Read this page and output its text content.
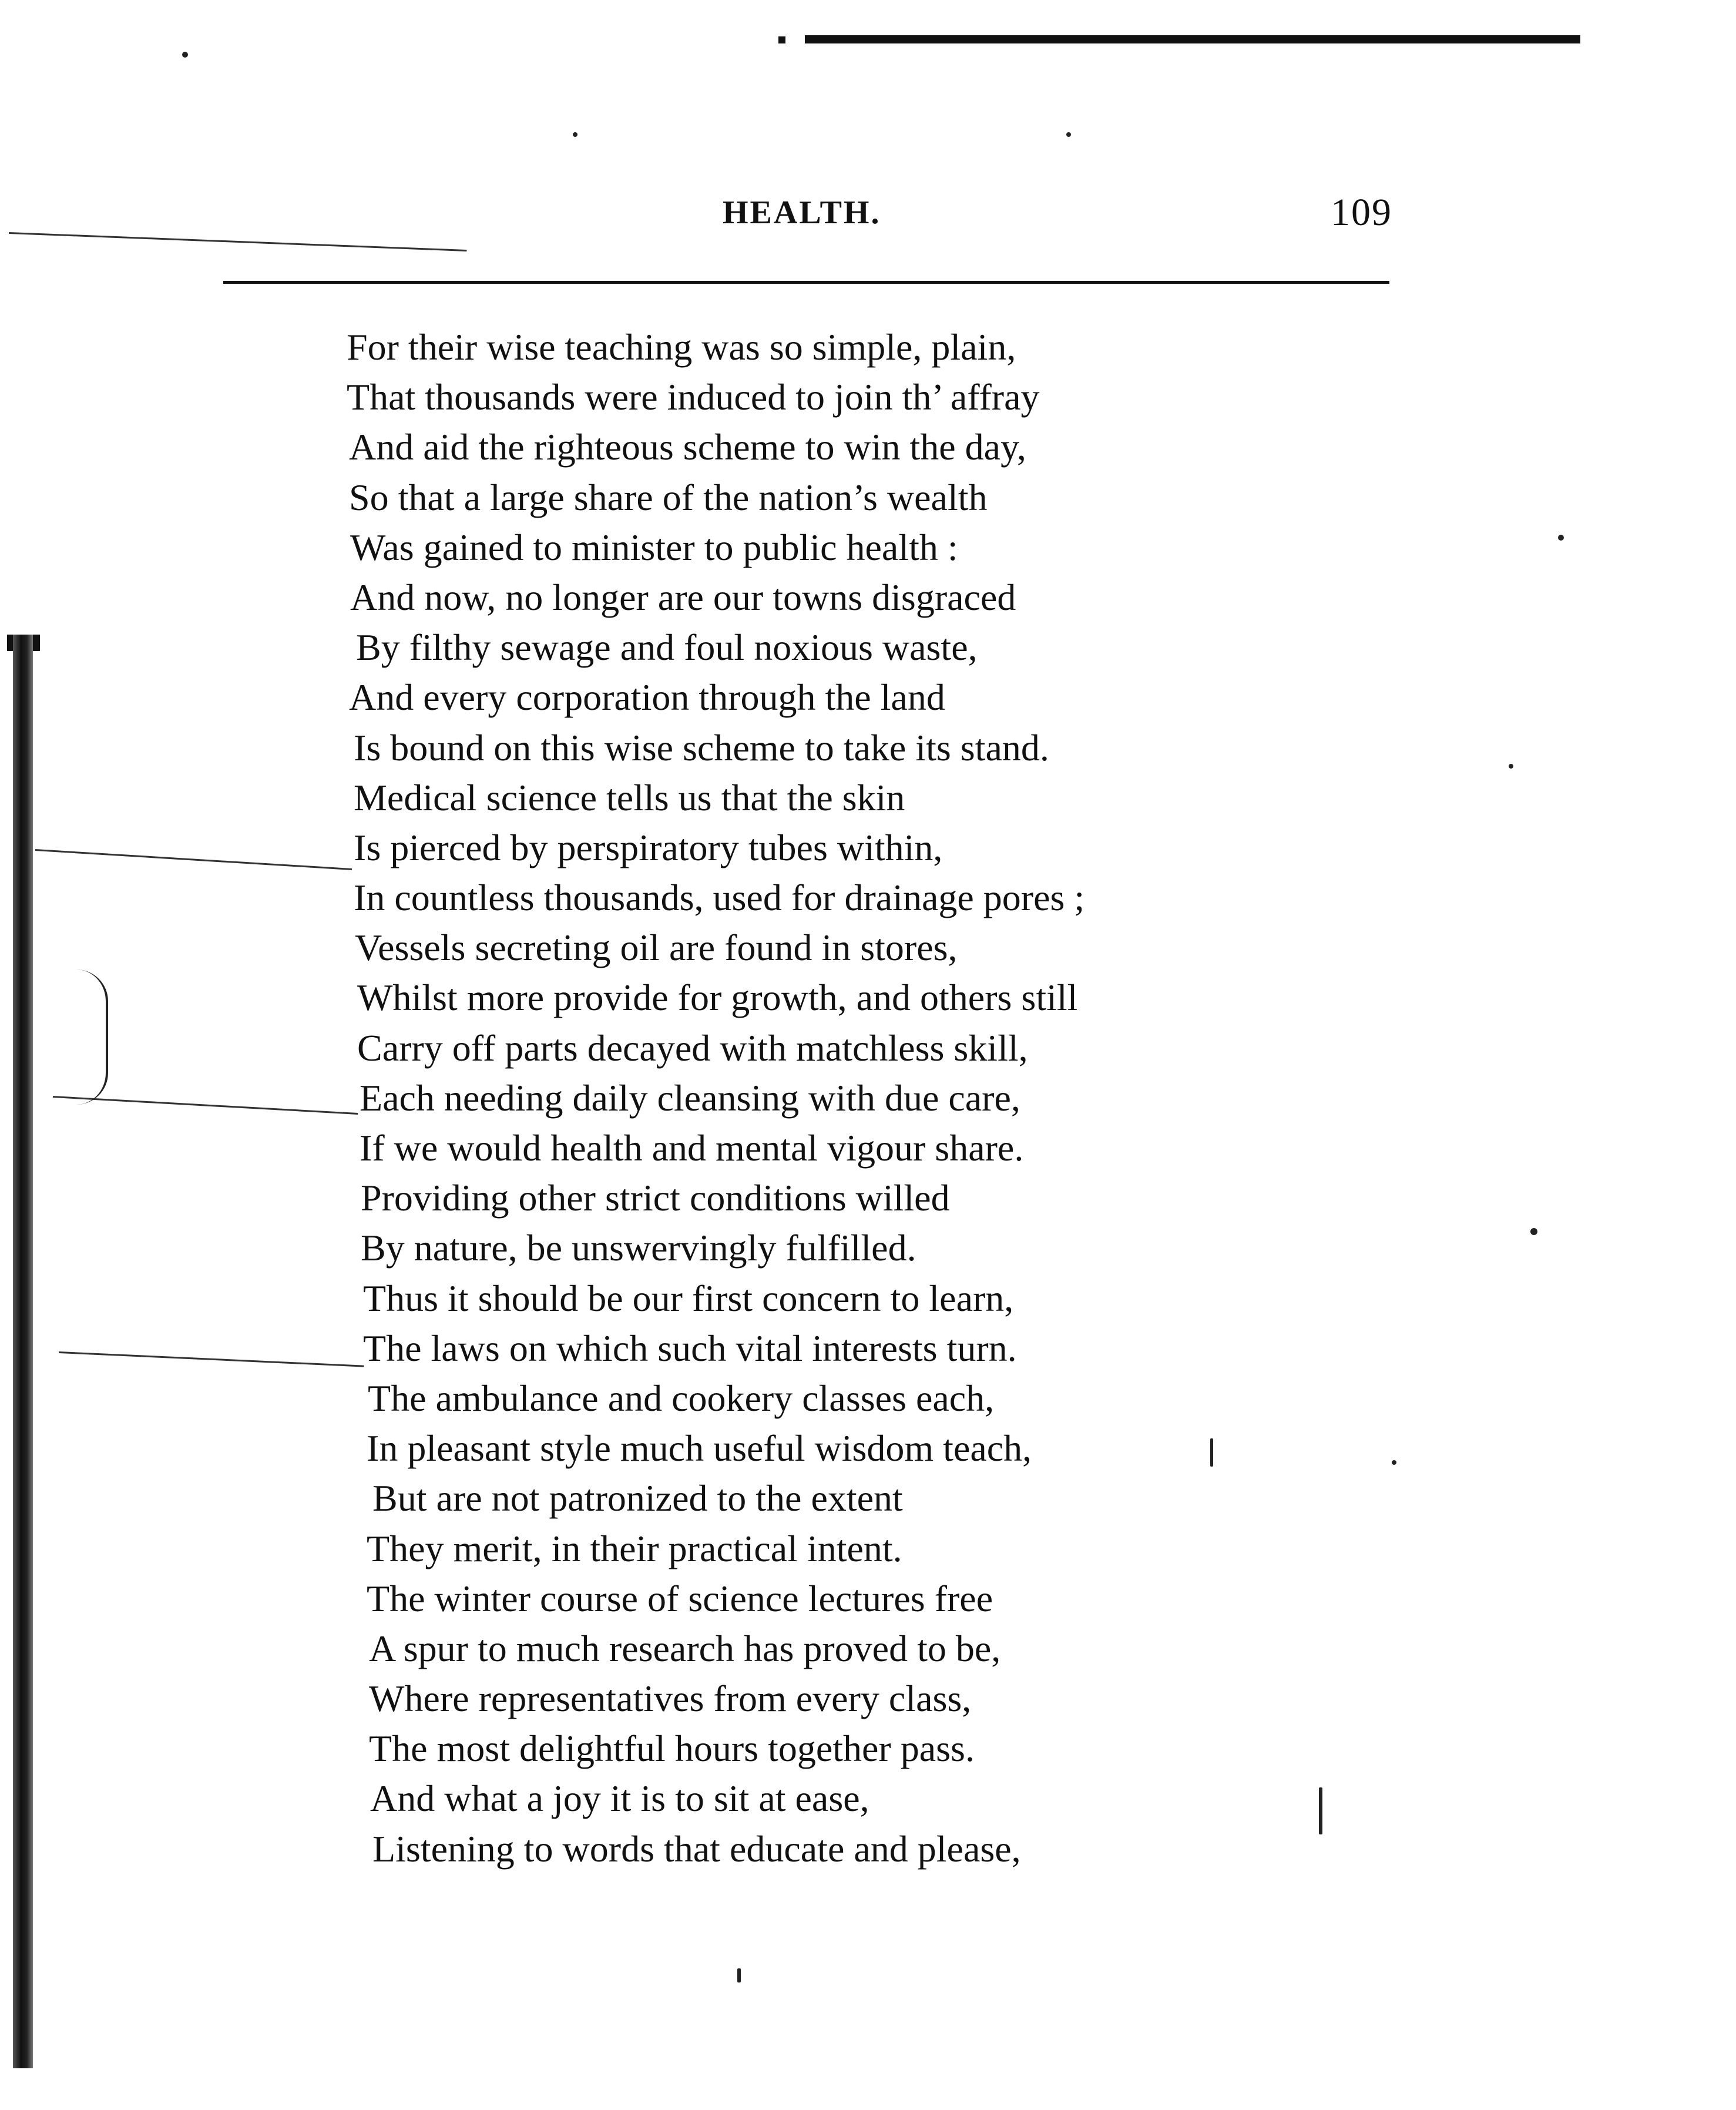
HEALTH.	109
For their wise teaching was so simple, plain,
That thousands were induced to join th’ affray
And aid the righteous scheme to win the day,
So that a large share of the nation’s wealth
Was gained to minister to public health :
And now, no longer are our towns disgraced
By filthy sewage and foul noxious waste,
And every corporation through the land
Is bound on this wise scheme to take its stand.
Medical science tells us that the skin
Is pierced by perspiratory tubes within,
In countless thousands, used for drainage pores ;
Vessels secreting oil are found in stores,
Whilst more provide for growth, and others still
Carry off parts decayed with matchless skill,
Each needing daily cleansing with due care,
If we would health and mental vigour share.
Providing other strict conditions willed
By nature, be unswervingly fulfilled.
Thus it should be our first concern to learn,
The laws on which such vital interests turn.
The ambulance and cookery classes each,
In pleasant style much useful wisdom teach,
But are not patronized to the extent
They merit, in their practical intent.
The winter course of science lectures free
A spur to much research has proved to be,
Where representatives from every class,
The most delightful hours together pass.
And what a joy it is to sit at ease,
Listening to words that educate and please,
